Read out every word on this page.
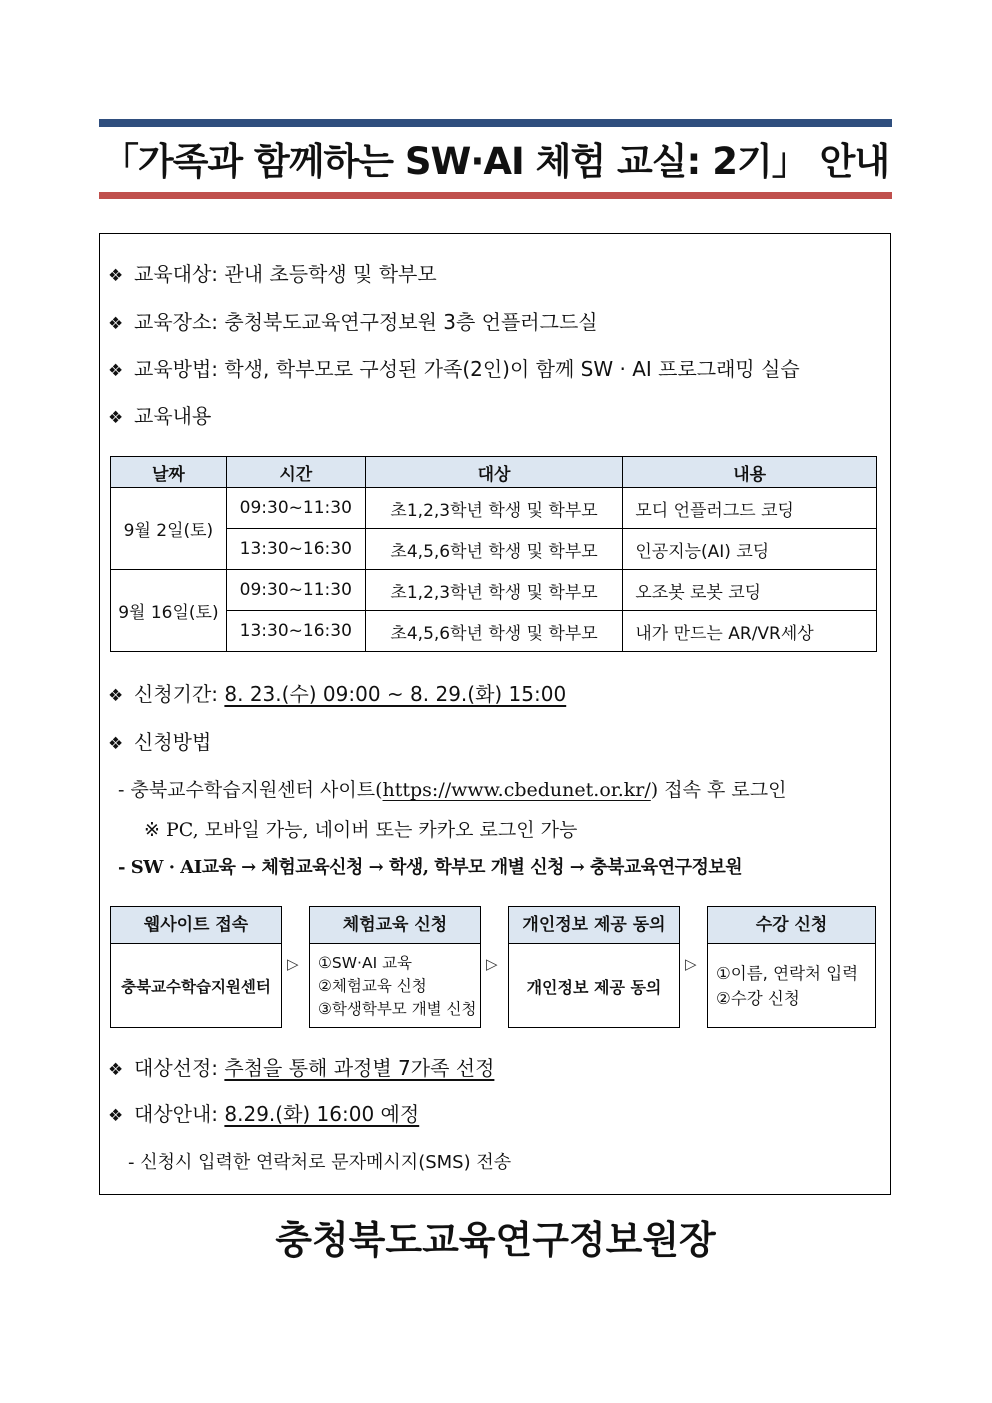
「가족과 함께하는 SW·AI 체험 교실: 2기」 안내
❖ 교육대상: 관내 초등학생 및 학부모
❖ 교육장소: 충청북도교육연구정보원 3층 언플러그드실
❖ 교육방법: 학생, 학부모로 구성된 가족(2인)이 함께 SW · AI 프로그래밍 실습
❖ 교육내용
날짜	시간	대상	내용
9월 2일(토)	09:30~11:30	초1,2,3학년 학생 및 학부모	모디 언플러그드 코딩
	13:30~16:30	초4,5,6학년 학생 및 학부모	인공지능(AI) 코딩
9월 16일(토)	09:30~11:30	초1,2,3학년 학생 및 학부모	오조봇 로봇 코딩
	13:30~16:30	초4,5,6학년 학생 및 학부모	내가 만드는 AR/VR세상
❖ 신청기간: 8. 23.(수) 09:00 ~ 8. 29.(화) 15:00
❖ 신청방법
- 충북교수학습지원센터 사이트(https://www.cbedunet.or.kr/) 접속 후 로그인
※ PC, 모바일 가능, 네이버 또는 카카오 로그인 가능
- SW · AI교육 → 체험교육신청 → 학생, 학부모 개별 신청 → 충북교육연구정보원
웹사이트 접속
충북교수학습지원센터
▷
체험교육 신청
①SW·AI 교육
②체험교육 신청
③학생학부모 개별 신청
▷
개인정보 제공 동의
개인정보 제공 동의
▷
수강 신청
①이름, 연락처 입력
②수강 신청
❖ 대상선정: 추첨을 통해 과정별 7가족 선정
❖ 대상안내: 8.29.(화) 16:00 예정
- 신청시 입력한 연락처로 문자메시지(SMS) 전송
충청북도교육연구정보원장
